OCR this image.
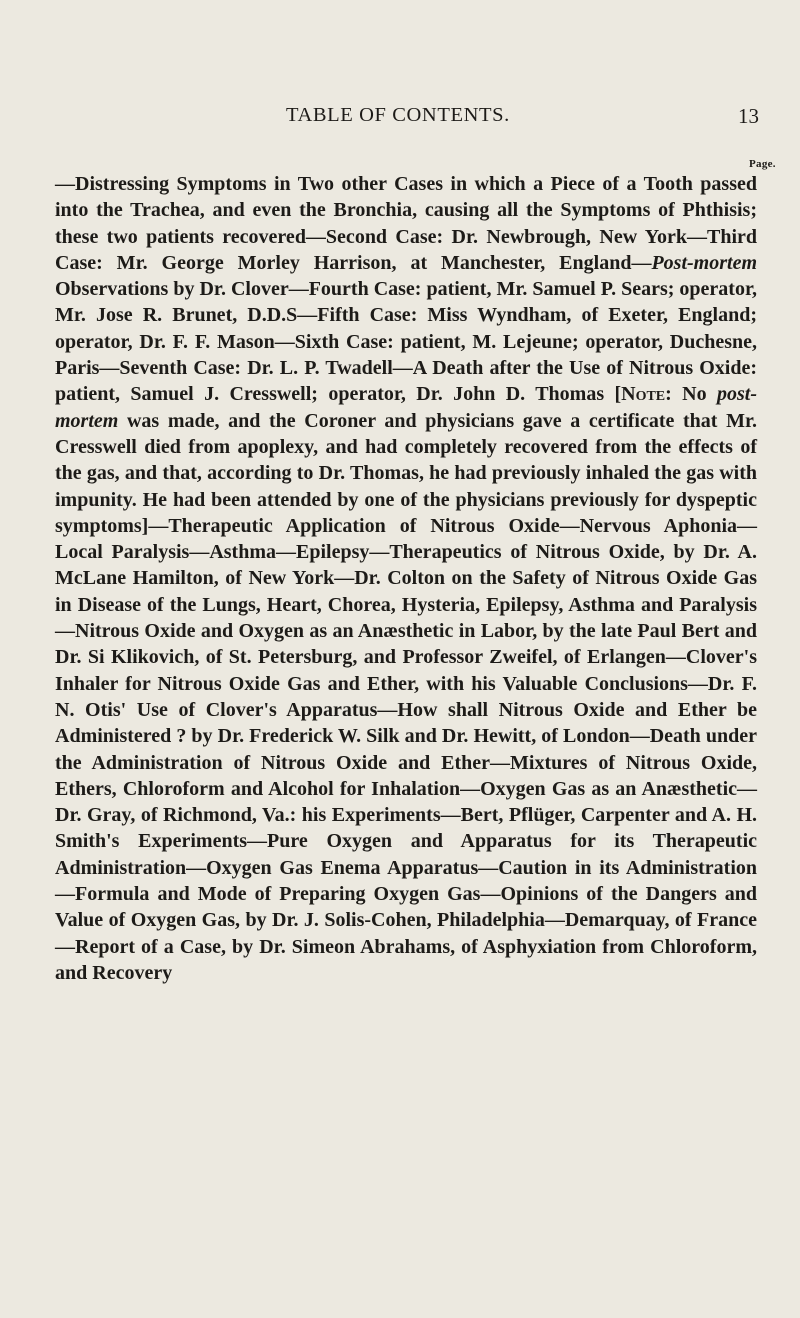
TABLE OF CONTENTS.	13
Page.

—Distressing Symptoms in Two other Cases in which a Piece of a Tooth passed into the Trachea, and even the Bronchia, causing all the Symptoms of Phthisis; these two patients recovered—Second Case: Dr. Newbrough, New York—Third Case: Mr. George Morley Harrison, at Manchester, England—Post-mortem Observations by Dr. Clover—Fourth Case: patient, Mr. Samuel P. Sears; operator, Mr. Jose R. Brunet, D.D.S—Fifth Case: Miss Wyndham, of Exeter, England; operator, Dr. F. F. Mason—Sixth Case: patient, M. Lejeune; operator, Duchesne, Paris—Seventh Case: Dr. L. P. Twadell—A Death after the Use of Nitrous Oxide: patient, Samuel J. Cresswell; operator, Dr. John D. Thomas [Note: No post-mortem was made, and the Coroner and physicians gave a certificate that Mr. Cresswell died from apoplexy, and had completely recovered from the effects of the gas, and that, according to Dr. Thomas, he had previously inhaled the gas with impunity. He had been attended by one of the physicians previously for dyspeptic symptoms]—Therapeutic Application of Nitrous Oxide—Nervous Aphonia—Local Paralysis—Asthma—Epilepsy—Therapeutics of Nitrous Oxide, by Dr. A. McLane Hamilton, of New York—Dr. Colton on the Safety of Nitrous Oxide Gas in Disease of the Lungs, Heart, Chorea, Hysteria, Epilepsy, Asthma and Paralysis—Nitrous Oxide and Oxygen as an Anæsthetic in Labor, by the late Paul Bert and Dr. Si Klikovich, of St. Petersburg, and Professor Zweifel, of Erlangen—Clover's Inhaler for Nitrous Oxide Gas and Ether, with his Valuable Conclusions—Dr. F. N. Otis' Use of Clover's Apparatus—How shall Nitrous Oxide and Ether be Administered ? by Dr. Frederick W. Silk and Dr. Hewitt, of London—Death under the Administration of Nitrous Oxide and Ether—Mixtures of Nitrous Oxide, Ethers, Chloroform and Alcohol for Inhalation—Oxygen Gas as an Anæsthetic—Dr. Gray, of Richmond, Va.: his Experiments—Bert, Pflüger, Carpenter and A. H. Smith's Experiments—Pure Oxygen and Apparatus for its Therapeutic Administration—Oxygen Gas Enema Apparatus—Caution in its Administration—Formula and Mode of Preparing Oxygen Gas—Opinions of the Dangers and Value of Oxygen Gas, by Dr. J. Solis-Cohen, Philadelphia—Demarquay, of France—Report of a Case, by Dr. Simeon Abrahams, of Asphyxiation from Chloroform, and Recovery
